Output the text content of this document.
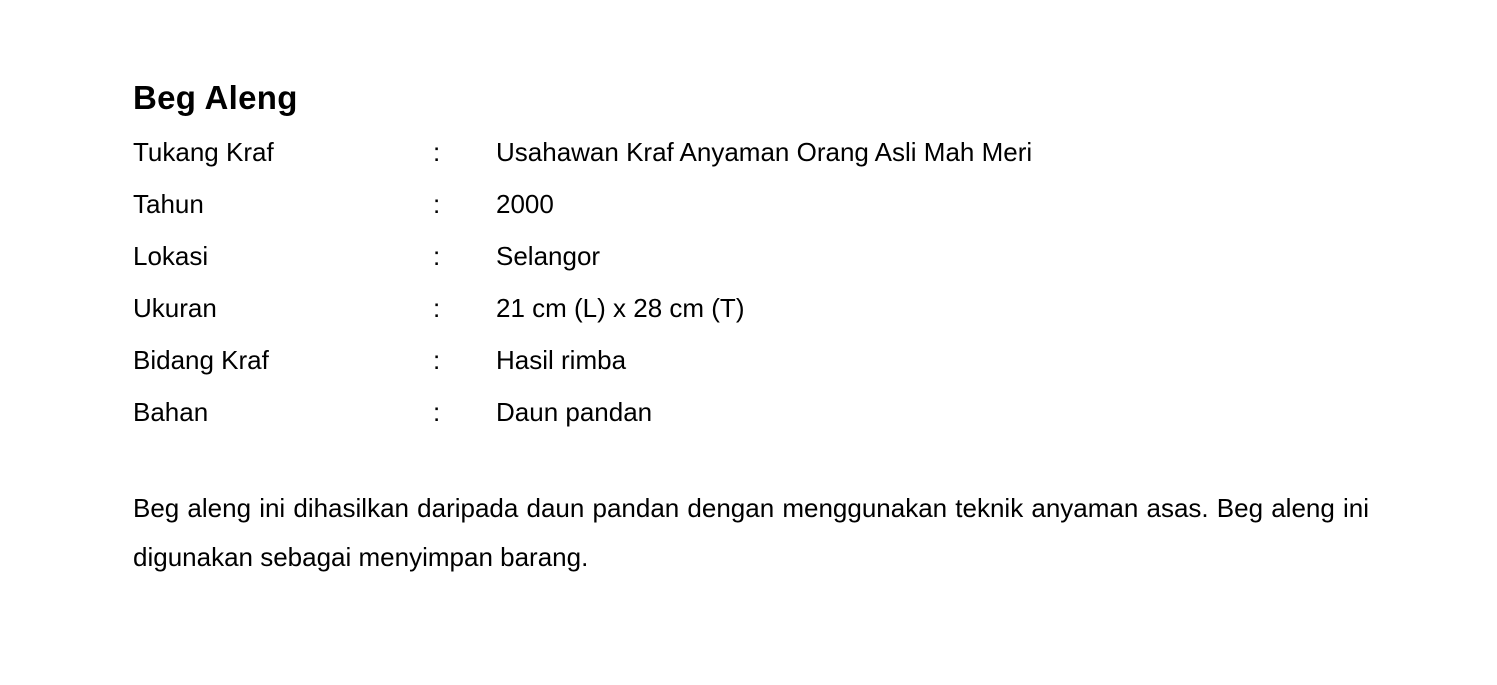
Beg Aleng
Tukang Kraf	:	Usahawan Kraf Anyaman Orang Asli Mah Meri
Tahun	:	2000
Lokasi	:	Selangor
Ukuran	:	21 cm (L) x 28 cm (T)
Bidang Kraf	:	Hasil rimba
Bahan	:	Daun pandan

Beg aleng ini dihasilkan daripada daun pandan dengan menggunakan teknik anyaman asas. Beg aleng ini digunakan sebagai menyimpan barang.
